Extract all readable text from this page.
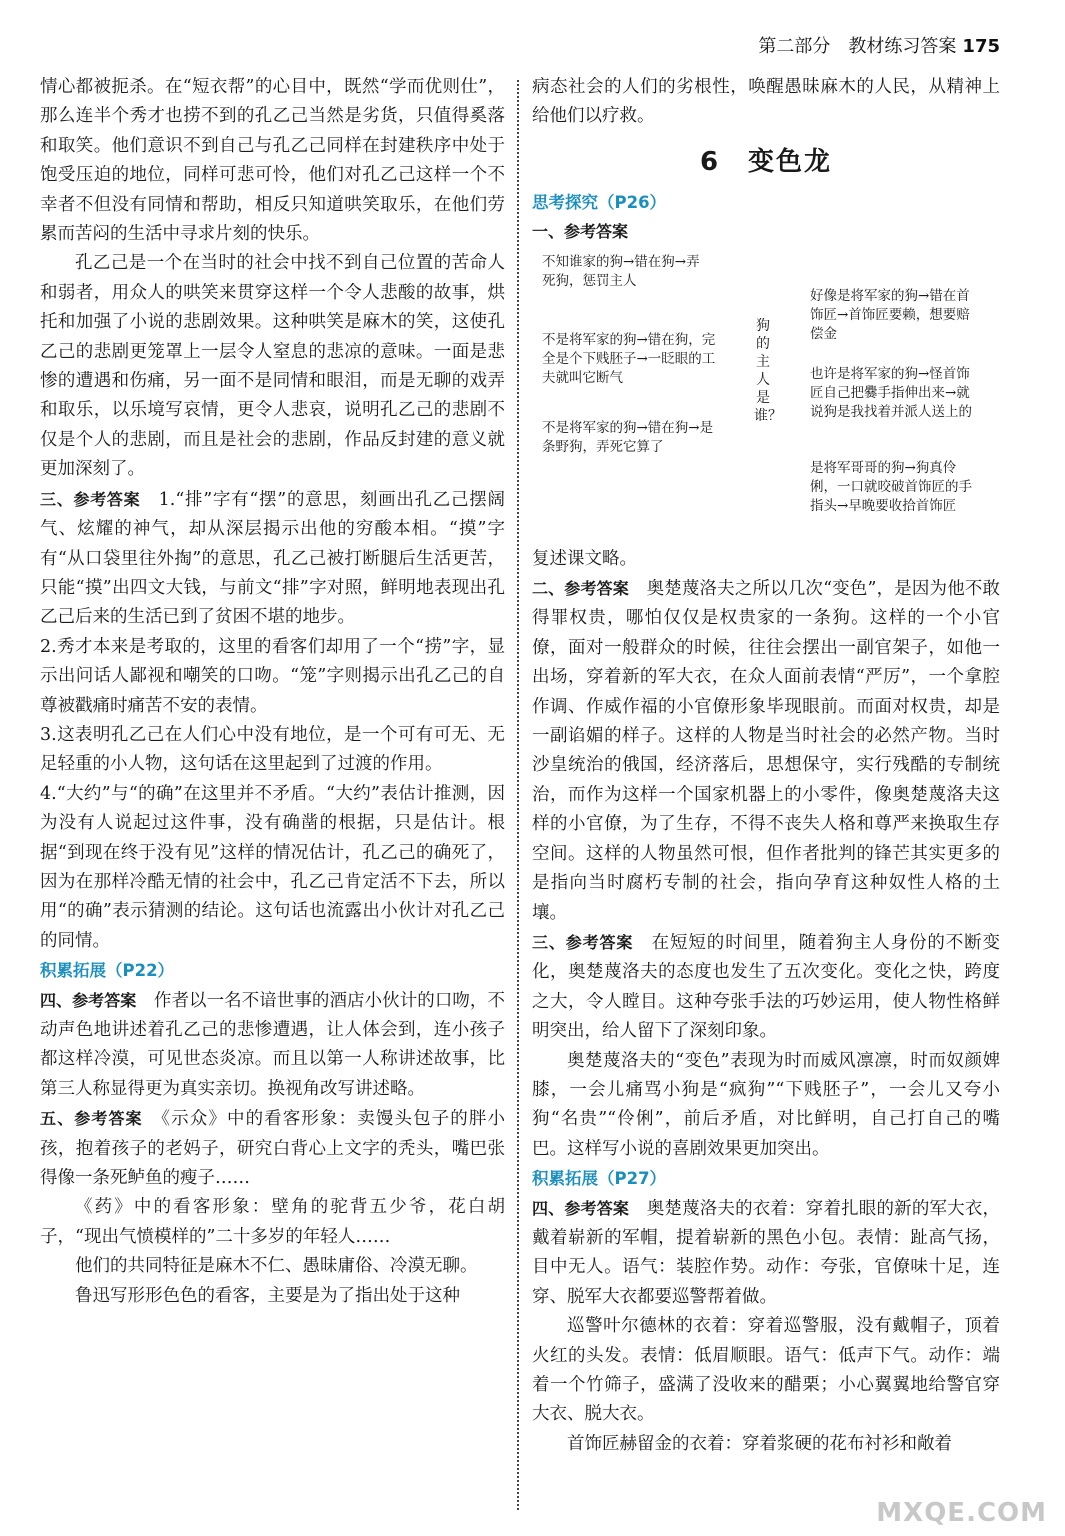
第二部分　教材练习答案 175

情心都被扼杀。在“短衣帮”的心目中，既然“学而优则仕”，那么连半个秀才也捞不到的孔乙己当然是劣货，只值得奚落和取笑。他们意识不到自己与孔乙己同样在封建秩序中处于饱受压迫的地位，同样可悲可怜，他们对孔乙己这样一个不幸者不但没有同情和帮助，相反只知道哄笑取乐，在他们劳累而苦闷的生活中寻求片刻的快乐。

孔乙己是一个在当时的社会中找不到自己位置的苦命人和弱者，用众人的哄笑来贯穿这样一个令人悲酸的故事，烘托和加强了小说的悲剧效果。这种哄笑是麻木的笑，这使孔乙己的悲剧更笼罩上一层令人窒息的悲凉的意味。一面是悲惨的遭遇和伤痛，另一面不是同情和眼泪，而是无聊的戏弄和取乐，以乐境写哀情，更令人悲哀，说明孔乙己的悲剧不仅是个人的悲剧，而且是社会的悲剧，作品反封建的意义就更加深刻了。

三、参考答案　 1.“排”字有“摆”的意思，刻画出孔乙己摆阔气、炫耀的神气，却从深层揭示出他的穷酸本相。“摸”字有“从口袋里往外掏”的意思，孔乙己被打断腿后生活更苦，只能“摸”出四文大钱，与前文“排”字对照，鲜明地表现出孔乙己后来的生活已到了贫困不堪的地步。

2.秀才本来是考取的，这里的看客们却用了一个“捞”字，显示出问话人鄙视和嘲笑的口吻。“笼”字则揭示出孔乙己的自尊被戳痛时痛苦不安的表情。

3.这表明孔乙己在人们心中没有地位，是一个可有可无、无足轻重的小人物，这句话在这里起到了过渡的作用。

4.“大约”与“的确”在这里并不矛盾。“大约”表估计推测，因为没有人说起过这件事，没有确凿的根据，只是估计。根据“到现在终于没有见”这样的情况估计，孔乙己的确死了，因为在那样冷酷无情的社会中，孔乙己肯定活不下去，所以用“的确”表示猜测的结论。这句话也流露出小伙计对孔乙己的同情。

积累拓展（P22）

四、参考答案　 作者以一名不谙世事的酒店小伙计的口吻，不动声色地讲述着孔乙己的悲惨遭遇，让人体会到，连小孩子都这样冷漠，可见世态炎凉。而且以第一人称讲述故事，比第三人称显得更为真实亲切。换视角改写讲述略。

五、参考答案　 《示众》中的看客形象：卖馒头包子的胖小孩，抱着孩子的老妈子，研究白背心上文字的秃头，嘴巴张得像一条死鲈鱼的瘦子……

《药》中的看客形象：壁角的驼背五少爷，花白胡子，“现出气愤模样的”二十多岁的年轻人……

他们的共同特征是麻木不仁、愚昧庸俗、冷漠无聊。

鲁迅写形形色色的看客，主要是为了指出处于这种

病态社会的人们的劣根性，唤醒愚昧麻木的人民，从精神上给他们以疗救。

6 变色龙
思考探究（P26）
一、参考答案
不知谁家的狗→错在狗→弄死狗，惩罚主人
不是将军家的狗→错在狗，完全是个下贱胚子→一眨眼的工夫就叫它断气
不是将军家的狗→错在狗→是条野狗，弄死它算了
狗的主人是谁？
好像是将军家的狗→错在首饰匠→首饰匠要赖，想要赔偿金
也许是将军家的狗→怪首饰匠自己把爨手指伸出来→就说狗是我找着并派人送上的
是将军哥哥的狗→狗真伶俐，一口就咬破首饰匠的手指头→早晚要收拾首饰匠

复述课文略。

二、参考答案　 奥楚蔑洛夫之所以几次“变色”，是因为他不敢得罪权贵，哪怕仅仅是权贵家的一条狗。这样的一个小官僚，面对一般群众的时候，往往会摆出一副官架子，如他一出场，穿着新的军大衣，在众人面前表情“严厉”，一个拿腔作调、作威作福的小官僚形象毕现眼前。而面对权贵，却是一副谄媚的样子。这样的人物是当时社会的必然产物。当时沙皇统治的俄国，经济落后，思想保守，实行残酷的专制统治，而作为这样一个国家机器上的小零件，像奥楚蔑洛夫这样的小官僚，为了生存，不得不丧失人格和尊严来换取生存空间。这样的人物虽然可恨，但作者批判的锋芒其实更多的是指向当时腐朽专制的社会，指向孕育这种奴性人格的土壤。

三、参考答案　 在短短的时间里，随着狗主人身份的不断变化，奥楚蔑洛夫的态度也发生了五次变化。变化之快，跨度之大，令人瞠目。这种夸张手法的巧妙运用，使人物性格鲜明突出，给人留下了深刻印象。

奥楚蔑洛夫的“变色”表现为时而威风凛凛，时而奴颜婢膝，一会儿痛骂小狗是“疯狗”“下贱胚子”，一会儿又夸小狗“名贵”“伶俐”，前后矛盾，对比鲜明，自己打自己的嘴巴。这样写小说的喜剧效果更加突出。

积累拓展（P27）

四、参考答案　 奥楚蔑洛夫的衣着：穿着扎眼的新的军大衣，戴着崭新的军帽，提着崭新的黑色小包。表情：趾高气扬，目中无人。语气：装腔作势。动作：夸张，官僚味十足，连穿、脱军大衣都要巡警帮着做。

巡警叶尔德林的衣着：穿着巡警服，没有戴帽子，顶着火红的头发。表情：低眉顺眼。语气：低声下气。动作：端着一个竹筛子，盛满了没收来的醋栗；小心翼翼地给警官穿大衣、脱大衣。

首饰匠赫留金的衣着：穿着浆硬的花布衬衫和敞着

MXQE.COM
